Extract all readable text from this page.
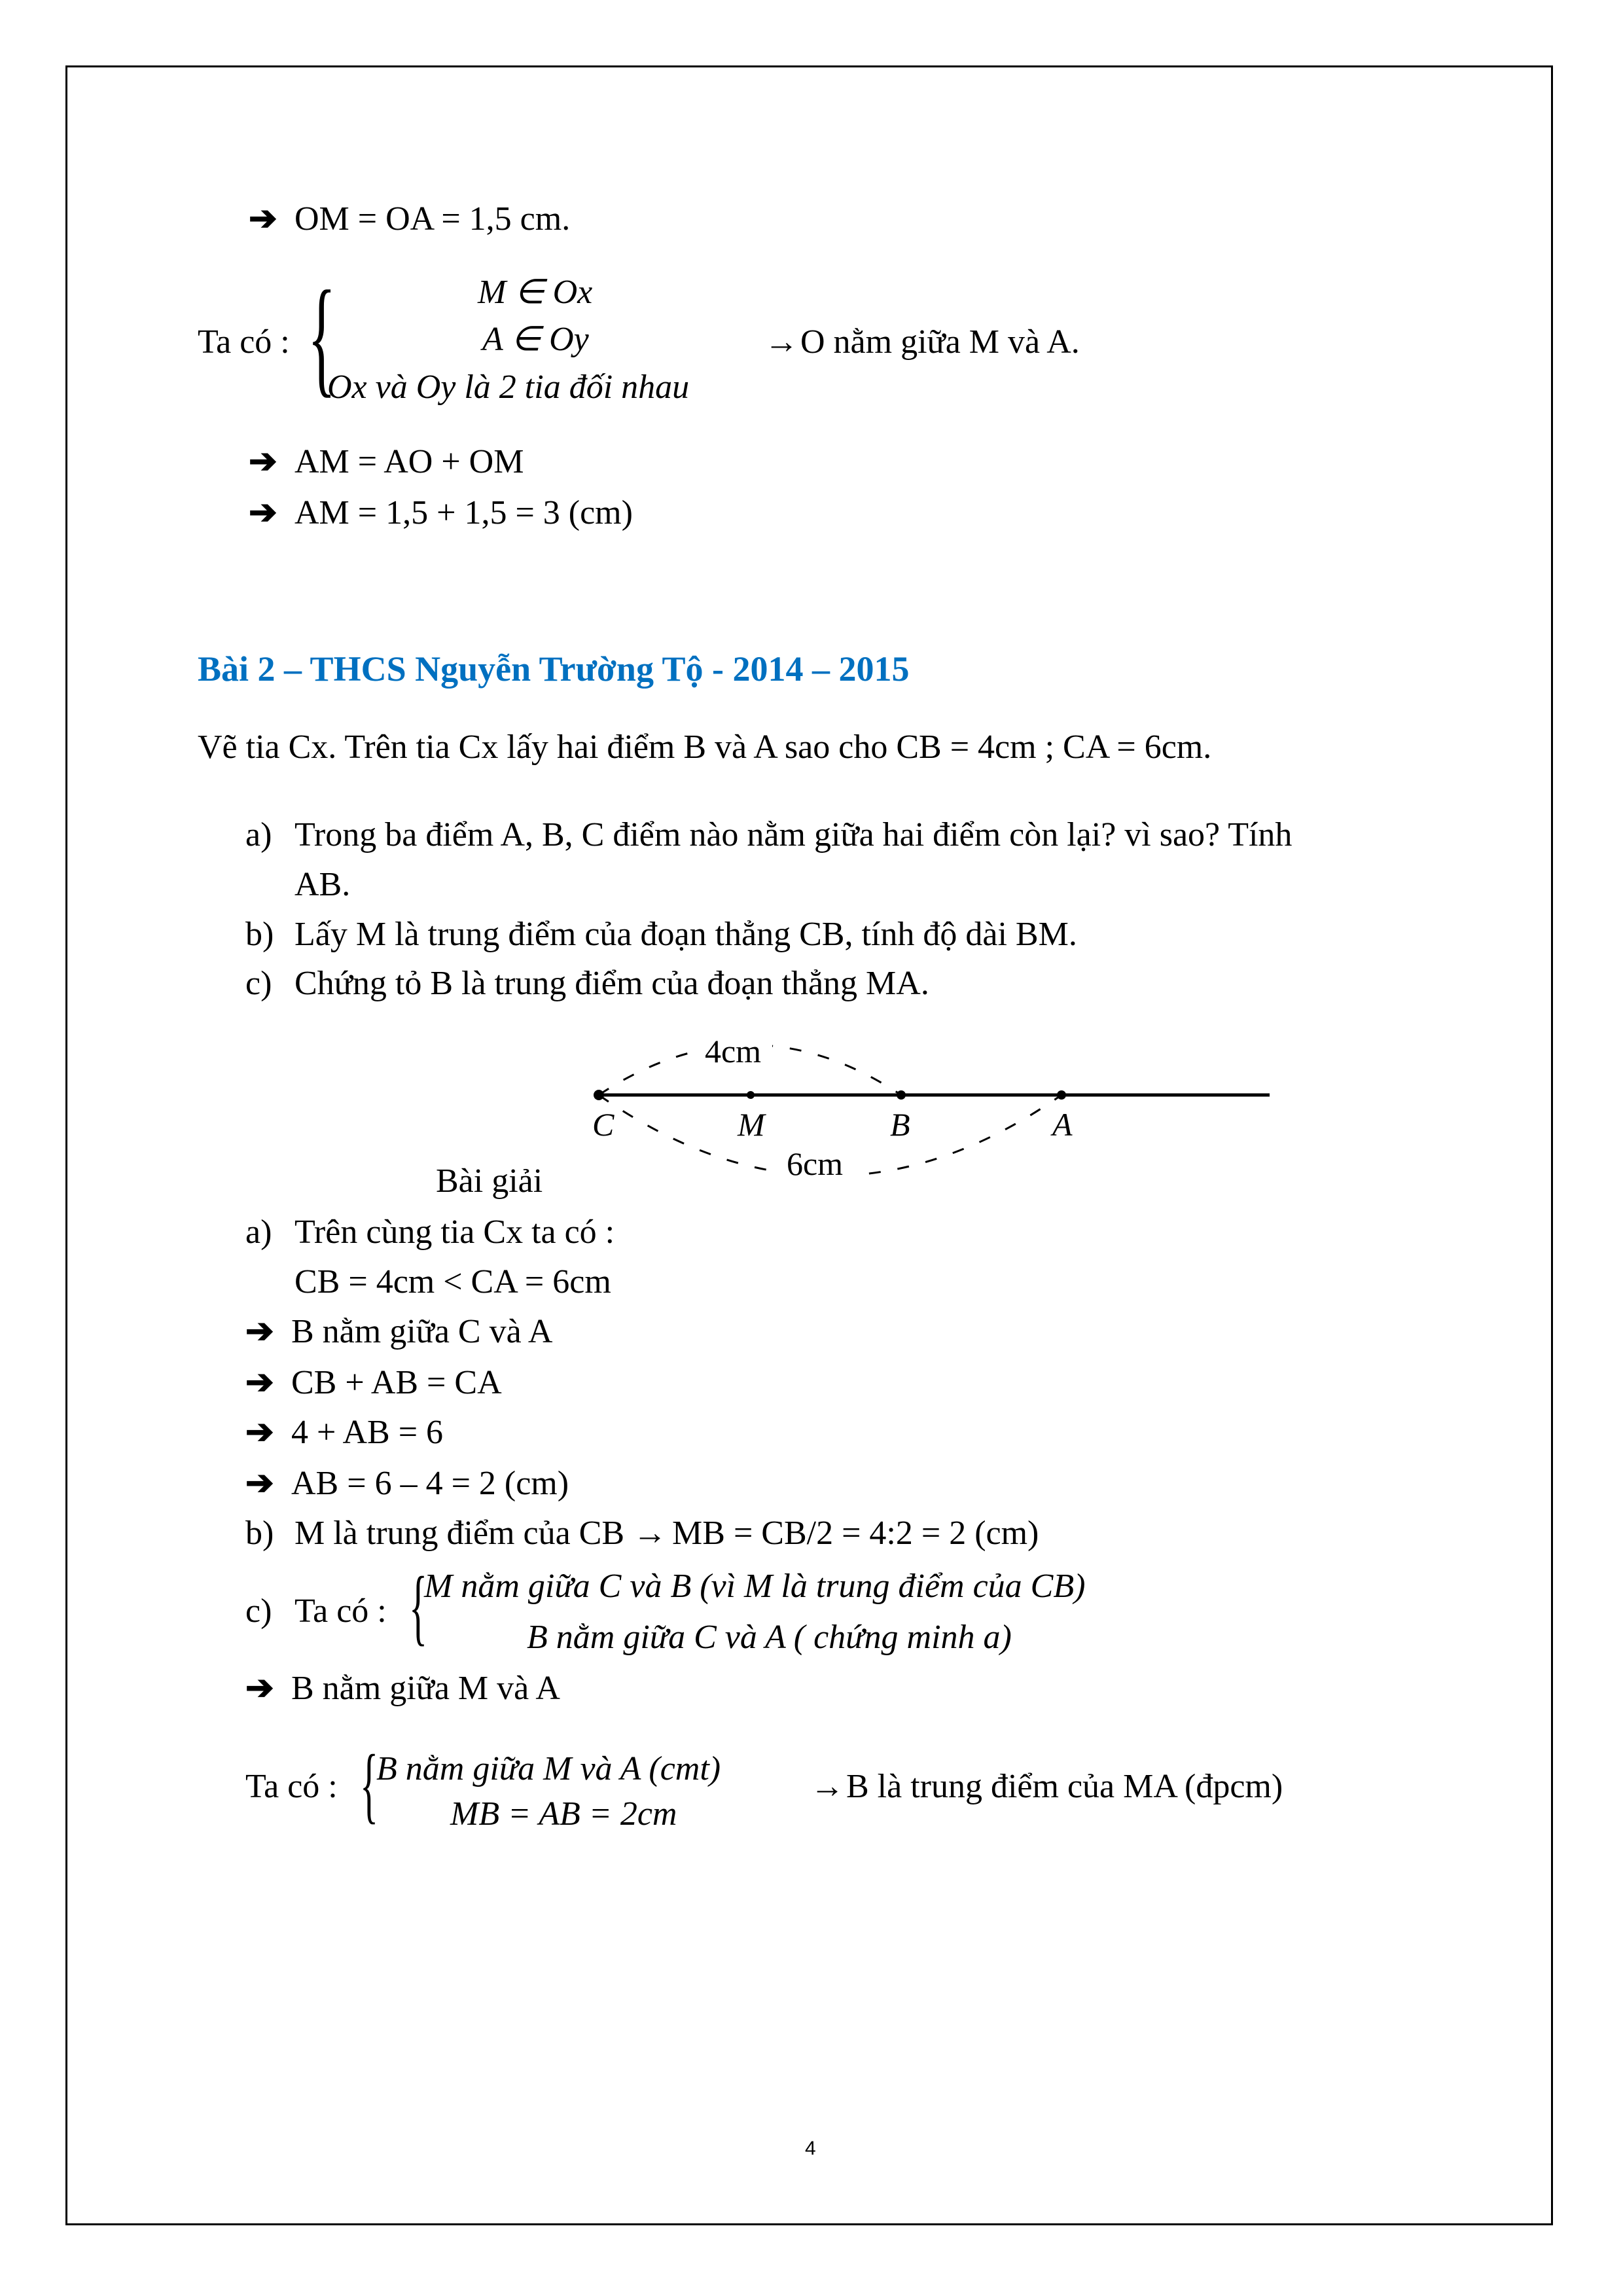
➔ OM = OA = 1,5 cm.
Ta có : {	M ∈ Ox
A ∈ Oy
Ox và Oy là 2 tia đối nhau
→O nằm giữa M và A.
➔ AM = AO + OM
➔ AM = 1,5 + 1,5 = 3 (cm)
Bài 2 – THCS Nguyễn Trường Tộ - 2014 – 2015
Vẽ tia Cx. Trên tia Cx lấy hai điểm B và A sao cho CB = 4cm ; CA = 6cm.
a) Trong ba điểm A, B, C điểm nào nằm giữa hai điểm còn lại? vì sao? Tính
AB.
b) Lấy M là trung điểm của đoạn thẳng CB, tính độ dài BM.
c) Chứng tỏ B là trung điểm của đoạn thẳng MA.
4cm
6cm
C	M	B	A
Bài giải
a) Trên cùng tia Cx ta có :
CB = 4cm < CA = 6cm
➔ B nằm giữa C và A
➔ CB + AB = CA
➔ 4 + AB = 6
➔ AB = 6 – 4 = 2 (cm)
b) M là trung điểm của CB → MB = CB/2 = 4:2 = 2 (cm)
c) Ta có : {
M nằm giữa C và B (vì M là trung điểm của CB)
B nằm giữa C và A ( chứng minh a)
➔ B nằm giữa M và A
Ta có : {
B nằm giữa M và A (cmt)
MB = AB = 2cm
→B là trung điểm của MA (đpcm)
4
